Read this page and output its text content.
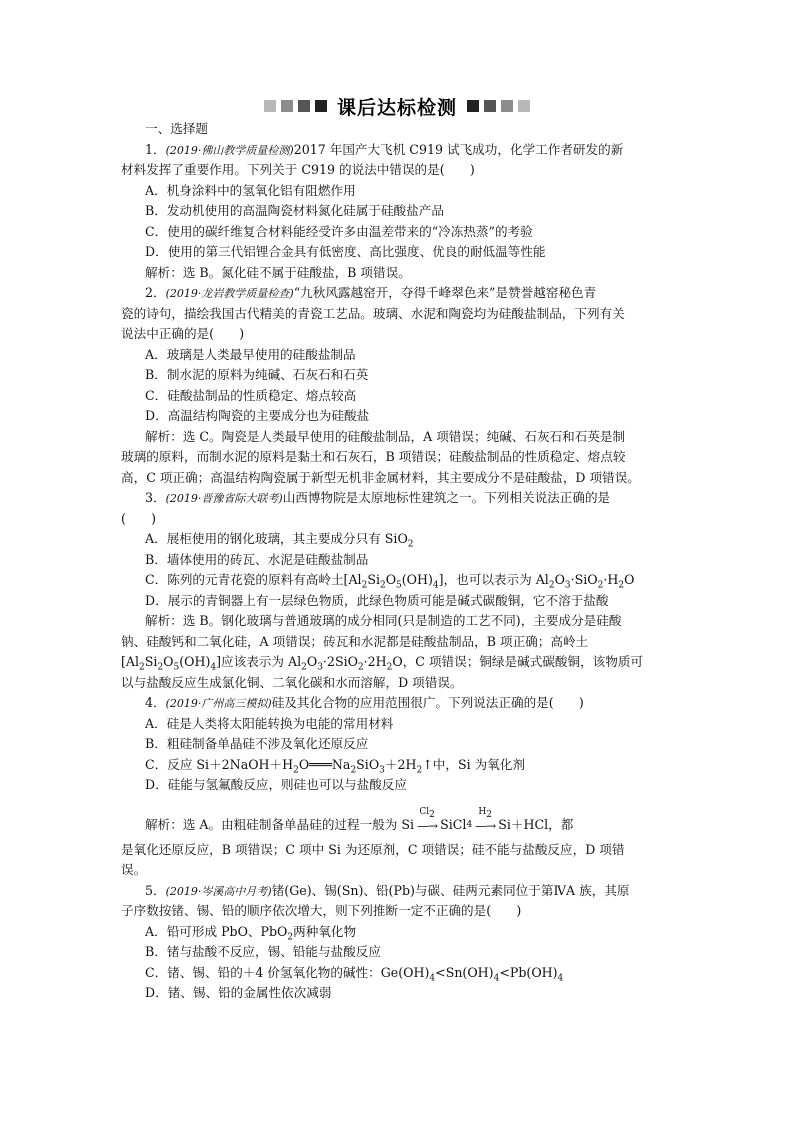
课后达标检测
一、选择题
1．(2019·佛山教学质量检测)2017 年国产大飞机 C919 试飞成功，化学工作者研发的新
材料发挥了重要作用。下列关于 C919 的说法中错误的是(　　)
A．机身涂料中的氢氧化铝有阻燃作用
B．发动机使用的高温陶瓷材料氮化硅属于硅酸盐产品
C．使用的碳纤维复合材料能经受许多由温差带来的“冷冻热蒸”的考验
D．使用的第三代铝锂合金具有低密度、高比强度、优良的耐低温等性能
解析：选 B。氮化硅不属于硅酸盐，B 项错误。
2．(2019·龙岩教学质量检查)“九秋风露越窑开，夺得千峰翠色来”是赞誉越窑秘色青
瓷的诗句，描绘我国古代精美的青瓷工艺品。玻璃、水泥和陶瓷均为硅酸盐制品，下列有关
说法中正确的是(　　)
A．玻璃是人类最早使用的硅酸盐制品
B．制水泥的原料为纯碱、石灰石和石英
C．硅酸盐制品的性质稳定、熔点较高
D．高温结构陶瓷的主要成分也为硅酸盐
解析：选 C。陶瓷是人类最早使用的硅酸盐制品，A 项错误；纯碱、石灰石和石英是制
玻璃的原料，而制水泥的原料是黏土和石灰石，B 项错误；硅酸盐制品的性质稳定、熔点较
高，C 项正确；高温结构陶瓷属于新型无机非金属材料，其主要成分不是硅酸盐，D 项错误。
3．(2019·晋豫省际大联考)山西博物院是太原地标性建筑之一。下列相关说法正确的是
(　　)
A．展柜使用的钢化玻璃，其主要成分只有 SiO$_2$
B．墙体使用的砖瓦、水泥是硅酸盐制品
C．陈列的元青花瓷的原料有高岭土$[Al_2Si_2O_5(OH)_4]$，也可以表示为 $Al_2O_3\cdot SiO_2\cdot H_2O$
D．展示的青铜器上有一层绿色物质，此绿色物质可能是碱式碳酸铜，它不溶于盐酸
解析：选 B。钢化玻璃与普通玻璃的成分相同(只是制造的工艺不同)，主要成分是硅酸
钠、硅酸钙和二氧化硅，A 项错误；砖瓦和水泥都是硅酸盐制品，B 项正确；高岭土
$[Al_2Si_2O_5(OH)_4]$应该表示为 $Al_2O_3\cdot 2SiO_2\cdot 2H_2O$，C 项错误；铜绿是碱式碳酸铜，该物质可
以与盐酸反应生成氯化铜、二氧化碳和水而溶解，D 项错误。
4．(2019·广州高三模拟)硅及其化合物的应用范围很广。下列说法正确的是(　　)
A．硅是人类将太阳能转换为电能的常用材料
B．粗硅制备单晶硅不涉及氧化还原反应
C．反应 $Si+2NaOH+H_2O═══Na_2SiO_3+2H_2↑$中，Si 为氧化剂
D．硅能与氢氟酸反应，则硅也可以与盐酸反应
解析：选 A。由粗硅制备单晶硅的过程一般为 Si
$Cl_2$
—→ SiCl 4
$H_2$
—→ Si＋HCl，都
是氧化还原反应，B 项错误；C 项中 Si 为还原剂，C 项错误；硅不能与盐酸反应，D 项错
误。
5．(2019·岑溪高中月考)锗(Ge)、锡(Sn)、铅(Pb)与碳、硅两元素同位于第ⅣA 族，其原
子序数按锗、锡、铅的顺序依次增大，则下列推断一定不正确的是(　　)
A．铅可形成 PbO、PbO$_2$两种氧化物
B．锗与盐酸不反应，锡、铅能与盐酸反应
C．锗、锡、铅的＋4 价氢氧化物的碱性：$Ge(OH)_4<Sn(OH)_4<Pb(OH)_4$
D．锗、锡、铅的金属性依次减弱
